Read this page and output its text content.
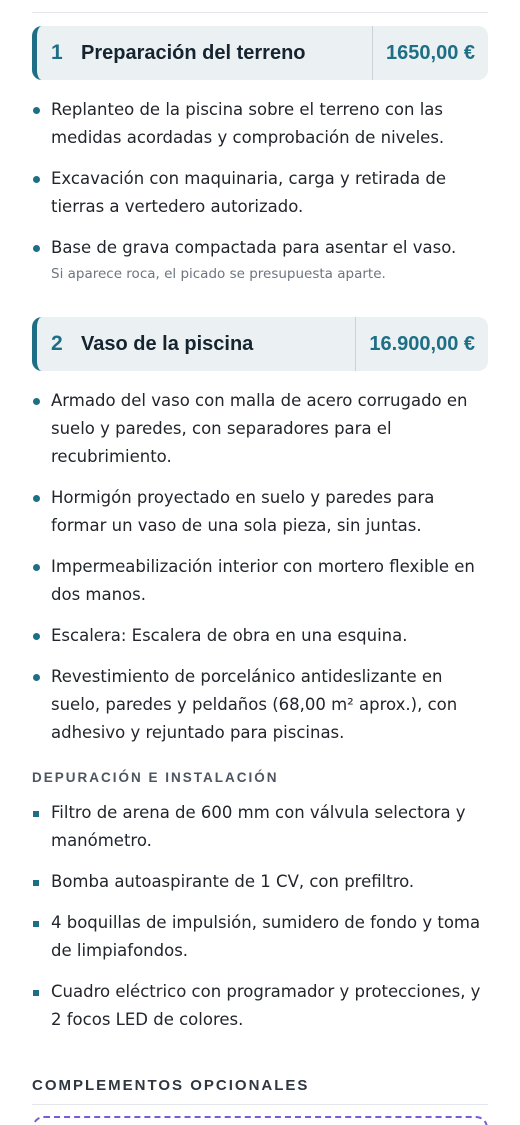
1 Preparación del terreno	1650,00 €
Replanteo de la piscina sobre el terreno con las medidas acordadas y comprobación de niveles.
Excavación con maquinaria, carga y retirada de tierras a vertedero autorizado.
Base de grava compactada para asentar el vaso.
Si aparece roca, el picado se presupuesta aparte.
2 Vaso de la piscina	16.900,00 €
Armado del vaso con malla de acero corrugado en suelo y paredes, con separadores para el recubrimiento.
Hormigón proyectado en suelo y paredes para formar un vaso de una sola pieza, sin juntas.
Impermeabilización interior con mortero flexible en dos manos.
Escalera: Escalera de obra en una esquina.
Revestimiento de porcelánico antideslizante en suelo, paredes y peldaños (68,00 m² aprox.), con adhesivo y rejuntado para piscinas.
DEPURACIÓN E INSTALACIÓN
Filtro de arena de 600 mm con válvula selectora y manómetro.
Bomba autoaspirante de 1 CV, con prefiltro.
4 boquillas de impulsión, sumidero de fondo y toma de limpiafondos.
Cuadro eléctrico con programador y protecciones, y 2 focos LED de colores.
COMPLEMENTOS OPCIONALES
